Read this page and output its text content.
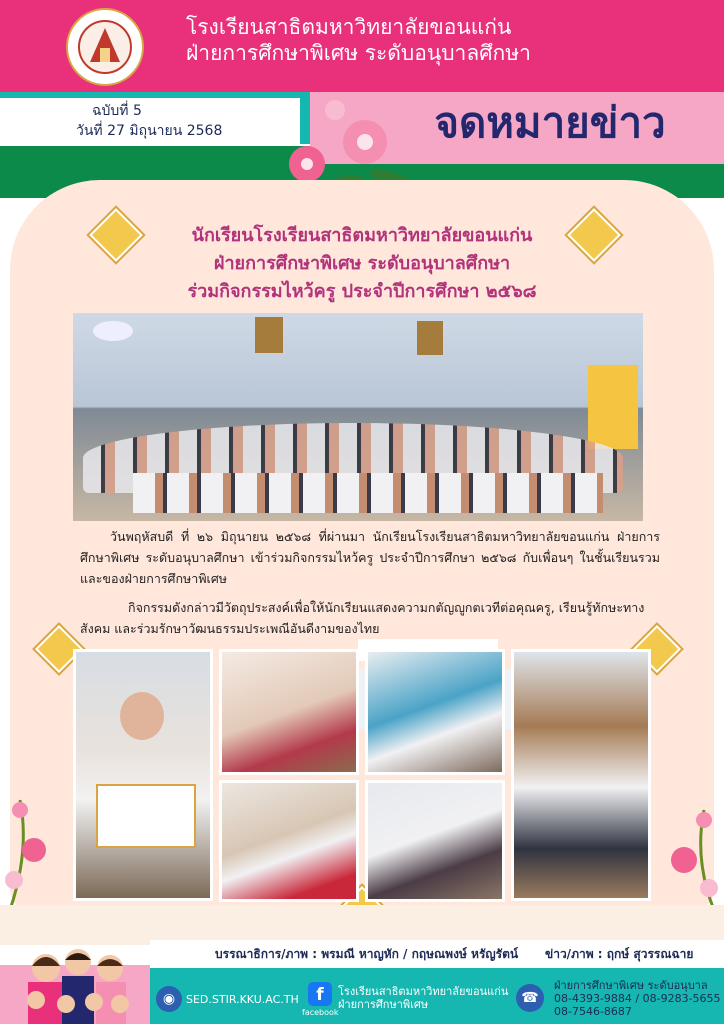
โรงเรียนสาธิตมหาวิทยาลัยขอนแก่น
ฝ่ายการศึกษาพิเศษ ระดับอนุบาลศึกษา
ฉบับที่ 5
วันที่ 27 มิถุนายน 2568	จดหมายข่าว
นักเรียนโรงเรียนสาธิตมหาวิทยาลัยขอนแก่น
ฝ่ายการศึกษาพิเศษ ระดับอนุบาลศึกษา
ร่วมกิจกรรมไหว้ครู ประจำปีการศึกษา ๒๕๖๘
วันพฤหัสบดี ที่ ๒๖ มิถุนายน ๒๕๖๘ ที่ผ่านมา นักเรียนโรงเรียนสาธิตมหาวิทยาลัยขอนแก่น ฝ่ายการศึกษาพิเศษ ระดับอนุบาลศึกษา เข้าร่วมกิจกรรมไหว้ครู ประจำปีการศึกษา ๒๕๖๘ กับเพื่อนๆ ในชั้นเรียนรวม และของฝ่ายการศึกษาพิเศษ
กิจกรรมดังกล่าวมีวัตถุประสงค์เพื่อให้นักเรียนแสดงความกตัญญูกตเวทีต่อคุณครู, เรียนรู้ทักษะทางสังคม และร่วมรักษาวัฒนธรรมประเพณีอันดีงามของไทย
บรรณาธิการ/ภาพ : พรมณี หาญหัก / กฤษณพงษ์ หรัญรัตน์ ข่าว/ภาพ : ฤกษ์ สุวรรณฉาย
◉ SED.STIR.KKU.AC.TH	f
facebook
โรงเรียนสาธิตมหาวิทยาลัยขอนแก่น
ฝ่ายการศึกษาพิเศษ	☎
ฝ่ายการศึกษาพิเศษ ระดับอนุบาล
08-4393-9884 / 08-9283-5655
08-7546-8687
